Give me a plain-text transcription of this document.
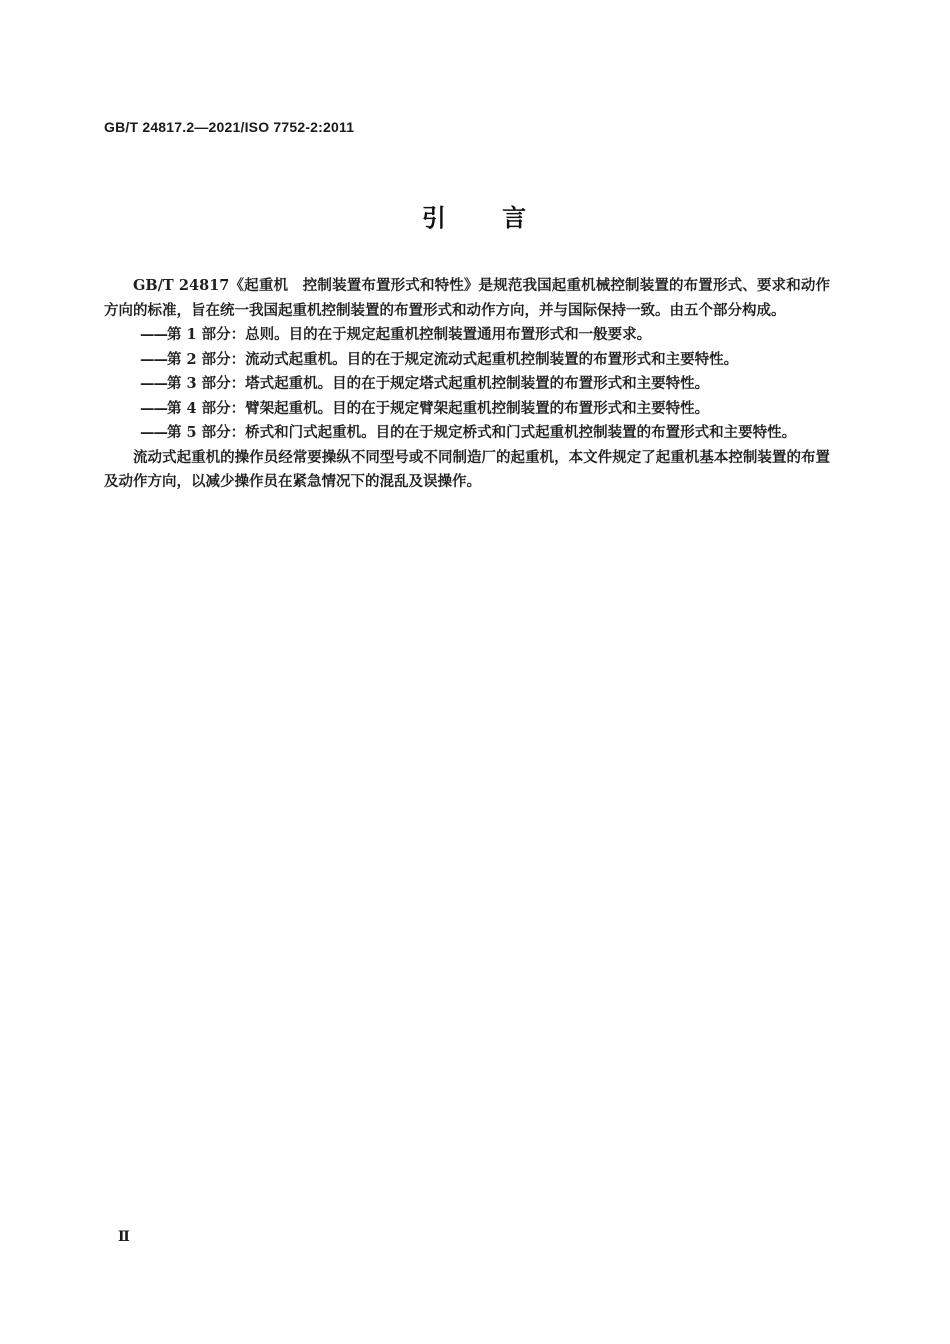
GB/T 24817.2—2021/ISO 7752-2:2011
引 言

GB/T 24817《起重机　控制装置布置形式和特性》是规范我国起重机械控制装置的布置形式、要求和动作方向的标准，旨在统一我国起重机控制装置的布置形式和动作方向，并与国际保持一致。由五个部分构成。

——第 1 部分：总则。目的在于规定起重机控制装置通用布置形式和一般要求。

——第 2 部分：流动式起重机。目的在于规定流动式起重机控制装置的布置形式和主要特性。

——第 3 部分：塔式起重机。目的在于规定塔式起重机控制装置的布置形式和主要特性。

——第 4 部分：臂架起重机。目的在于规定臂架起重机控制装置的布置形式和主要特性。

——第 5 部分：桥式和门式起重机。目的在于规定桥式和门式起重机控制装置的布置形式和主要特性。

流动式起重机的操作员经常要操纵不同型号或不同制造厂的起重机，本文件规定了起重机基本控制装置的布置及动作方向，以减少操作员在紧急情况下的混乱及误操作。

Ⅱ
